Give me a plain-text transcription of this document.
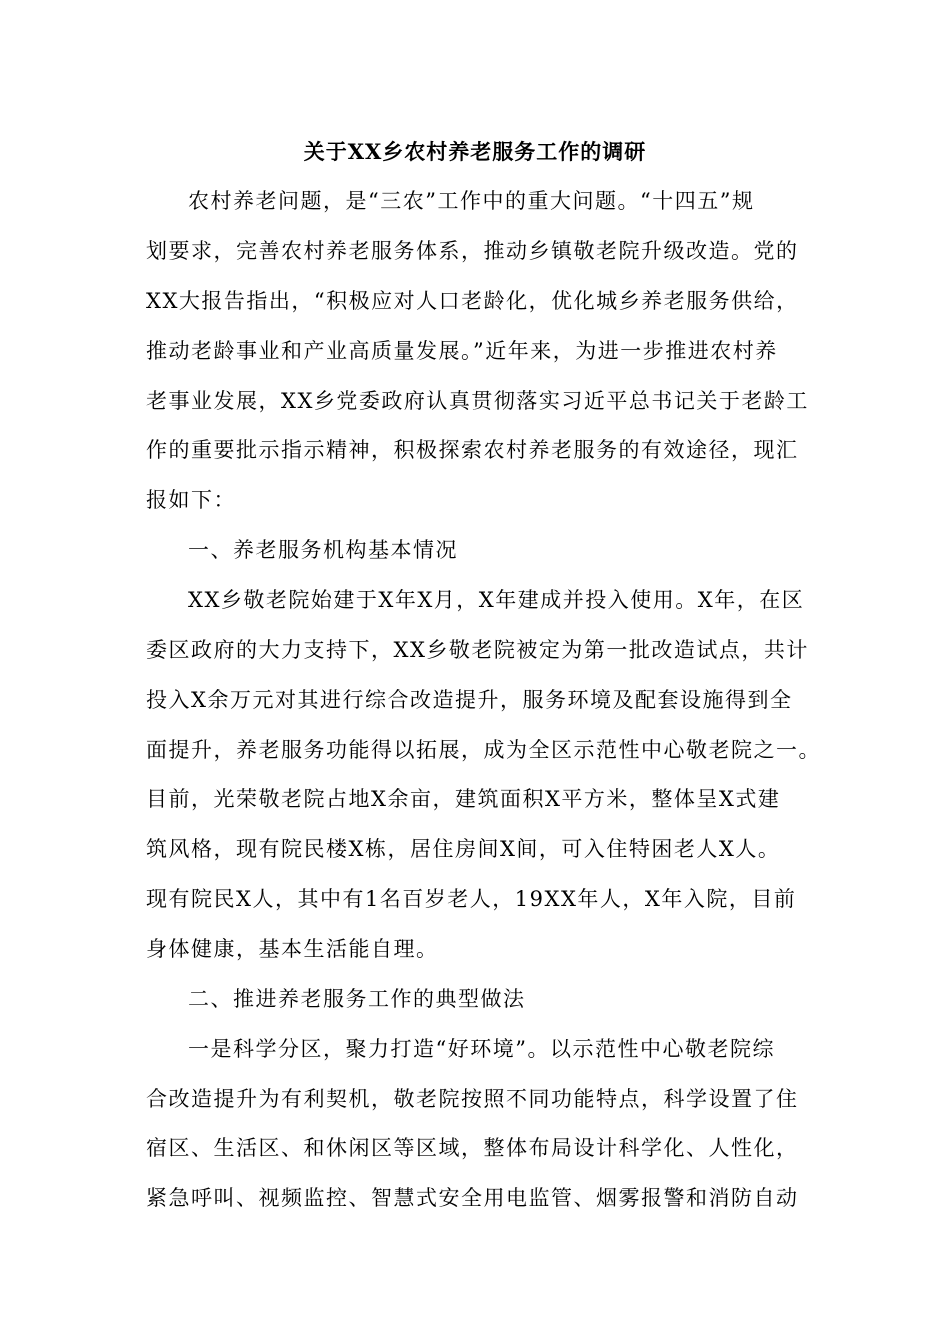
关于XX乡农村养老服务工作的调研
农村养老问题，是“三农”工作中的重大问题。“十四五”规
划要求，完善农村养老服务体系，推动乡镇敬老院升级改造。党的
XX大报告指出，“积极应对人口老龄化，优化城乡养老服务供给，
推动老龄事业和产业高质量发展。”近年来，为进一步推进农村养
老事业发展，XX乡党委政府认真贯彻落实习近平总书记关于老龄工
作的重要批示指示精神，积极探索农村养老服务的有效途径，现汇
报如下：
一、养老服务机构基本情况
XX乡敬老院始建于X年X月，X年建成并投入使用。X年，在区
委区政府的大力支持下，XX乡敬老院被定为第一批改造试点，共计
投入X余万元对其进行综合改造提升，服务环境及配套设施得到全
面提升，养老服务功能得以拓展，成为全区示范性中心敬老院之一。
目前，光荣敬老院占地X余亩，建筑面积X平方米，整体呈X式建
筑风格，现有院民楼X栋，居住房间X间，可入住特困老人X人。
现有院民X人，其中有1名百岁老人，19XX年人，X年入院，目前
身体健康，基本生活能自理。
二、推进养老服务工作的典型做法
一是科学分区，聚力打造“好环境”。以示范性中心敬老院综
合改造提升为有利契机，敬老院按照不同功能特点，科学设置了住
宿区、生活区、和休闲区等区域，整体布局设计科学化、人性化，
紧急呼叫、视频监控、智慧式安全用电监管、烟雾报警和消防自动
